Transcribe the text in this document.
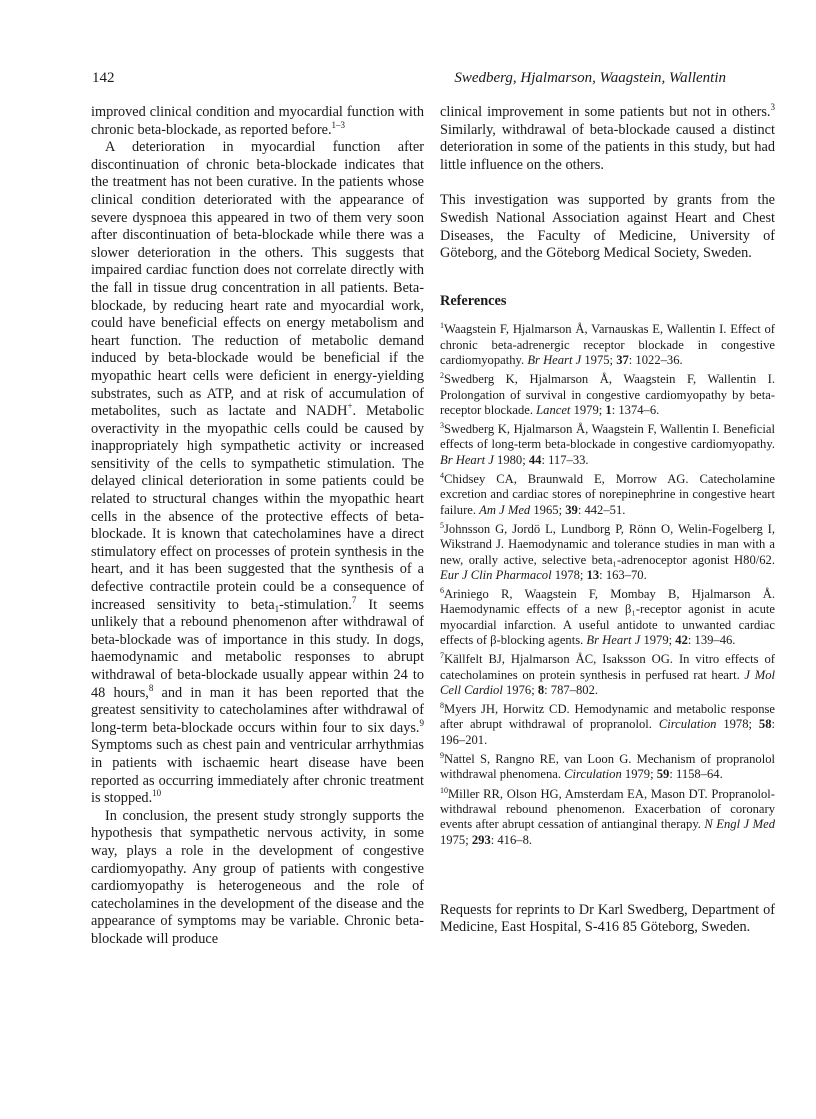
142	Swedberg, Hjalmarson, Waagstein, Wallentin

improved clinical condition and myocardial function with chronic beta-blockade, as reported before.$^{1-3}$

A deterioration in myocardial function after discontinuation of chronic beta-blockade indicates that the treatment has not been curative. In the patients whose clinical condition deteriorated with the appearance of severe dyspnoea this appeared in two of them very soon after discontinuation of beta-blockade while there was a slower deterioration in the others. This suggests that impaired cardiac function does not correlate directly with the fall in tissue drug concentration in all patients. Beta-blockade, by reducing heart rate and myocardial work, could have beneficial effects on energy metabolism and heart function. The reduction of metabolic demand induced by beta-blockade would be beneficial if the myopathic heart cells were deficient in energy-yielding substrates, such as ATP, and at risk of accumulation of metabolites, such as lactate and NADH+. Metabolic overactivity in the myopathic cells could be caused by inappropriately high sympathetic activity or increased sensitivity of the cells to sympathetic stimulation. The delayed clinical deterioration in some patients could be related to structural changes within the myopathic heart cells in the absence of the protective effects of beta-blockade. It is known that catecholamines have a direct stimulatory effect on processes of protein synthesis in the heart, and it has been suggested that the synthesis of a defective contractile protein could be a consequence of increased sensitivity to beta$_1$-stimulation.$^7$ It seems unlikely that a rebound phenomenon after withdrawal of beta-blockade was of importance in this study. In dogs, haemodynamic and metabolic responses to abrupt withdrawal of beta-blockade usually appear within 24 to 48 hours,$^8$ and in man it has been reported that the greatest sensitivity to catecholamines after withdrawal of long-term beta-blockade occurs within four to six days.$^9$ Symptoms such as chest pain and ventricular arrhythmias in patients with ischaemic heart disease have been reported as occurring immediately after chronic treatment is stopped.$^{10}$

In conclusion, the present study strongly supports the hypothesis that sympathetic nervous activity, in some way, plays a role in the development of congestive cardiomyopathy. Any group of patients with congestive cardiomyopathy is heterogeneous and the role of catecholamines in the development of the disease and the appearance of symptoms may be variable. Chronic beta-blockade will produce

clinical improvement in some patients but not in others.$^3$ Similarly, withdrawal of beta-blockade caused a distinct deterioration in some of the patients in this study, but had little influence on the others.

This investigation was supported by grants from the Swedish National Association against Heart and Chest Diseases, the Faculty of Medicine, University of Göteborg, and the Göteborg Medical Society, Sweden.

References

$^1$Waagstein F, Hjalmarson Å, Varnauskas E, Wallentin I. Effect of chronic beta-adrenergic receptor blockade in congestive cardiomyopathy. Br Heart J 1975; 37: 1022–36.

$^2$Swedberg K, Hjalmarson Å, Waagstein F, Wallentin I. Prolongation of survival in congestive cardiomyopathy by beta-receptor blockade. Lancet 1979; 1: 1374–6.

$^3$Swedberg K, Hjalmarson Å, Waagstein F, Wallentin I. Beneficial effects of long-term beta-blockade in congestive cardiomyopathy. Br Heart J 1980; 44: 117–33.

$^4$Chidsey CA, Braunwald E, Morrow AG. Catecholamine excretion and cardiac stores of norepinephrine in congestive heart failure. Am J Med 1965; 39: 442–51.

$^5$Johnsson G, Jordö L, Lundborg P, Rönn O, Welin-Fogelberg I, Wikstrand J. Haemodynamic and tolerance studies in man with a new, orally active, selective beta₁-adrenoceptor agonist H80/62. Eur J Clin Pharmacol 1978; 13: 163–70.

$^6$Ariniego R, Waagstein F, Mombay B, Hjalmarson Å. Haemodynamic effects of a new β₁-receptor agonist in acute myocardial infarction. A useful antidote to unwanted cardiac effects of β-blocking agents. Br Heart J 1979; 42: 139–46.

$^7$Källfelt BJ, Hjalmarson ÅC, Isaksson OG. In vitro effects of catecholamines on protein synthesis in perfused rat heart. J Mol Cell Cardiol 1976; 8: 787–802.

$^8$Myers JH, Horwitz CD. Hemodynamic and metabolic response after abrupt withdrawal of propranolol. Circulation 1978; 58: 196–201.

$^9$Nattel S, Rangno RE, van Loon G. Mechanism of propranolol withdrawal phenomena. Circulation 1979; 59: 1158–64.

$^{10}$Miller RR, Olson HG, Amsterdam EA, Mason DT. Propranolol-withdrawal rebound phenomenon. Exacerbation of coronary events after abrupt cessation of antianginal therapy. N Engl J Med 1975; 293: 416–8.

Requests for reprints to Dr Karl Swedberg, Department of Medicine, East Hospital, S-416 85 Göteborg, Sweden.
